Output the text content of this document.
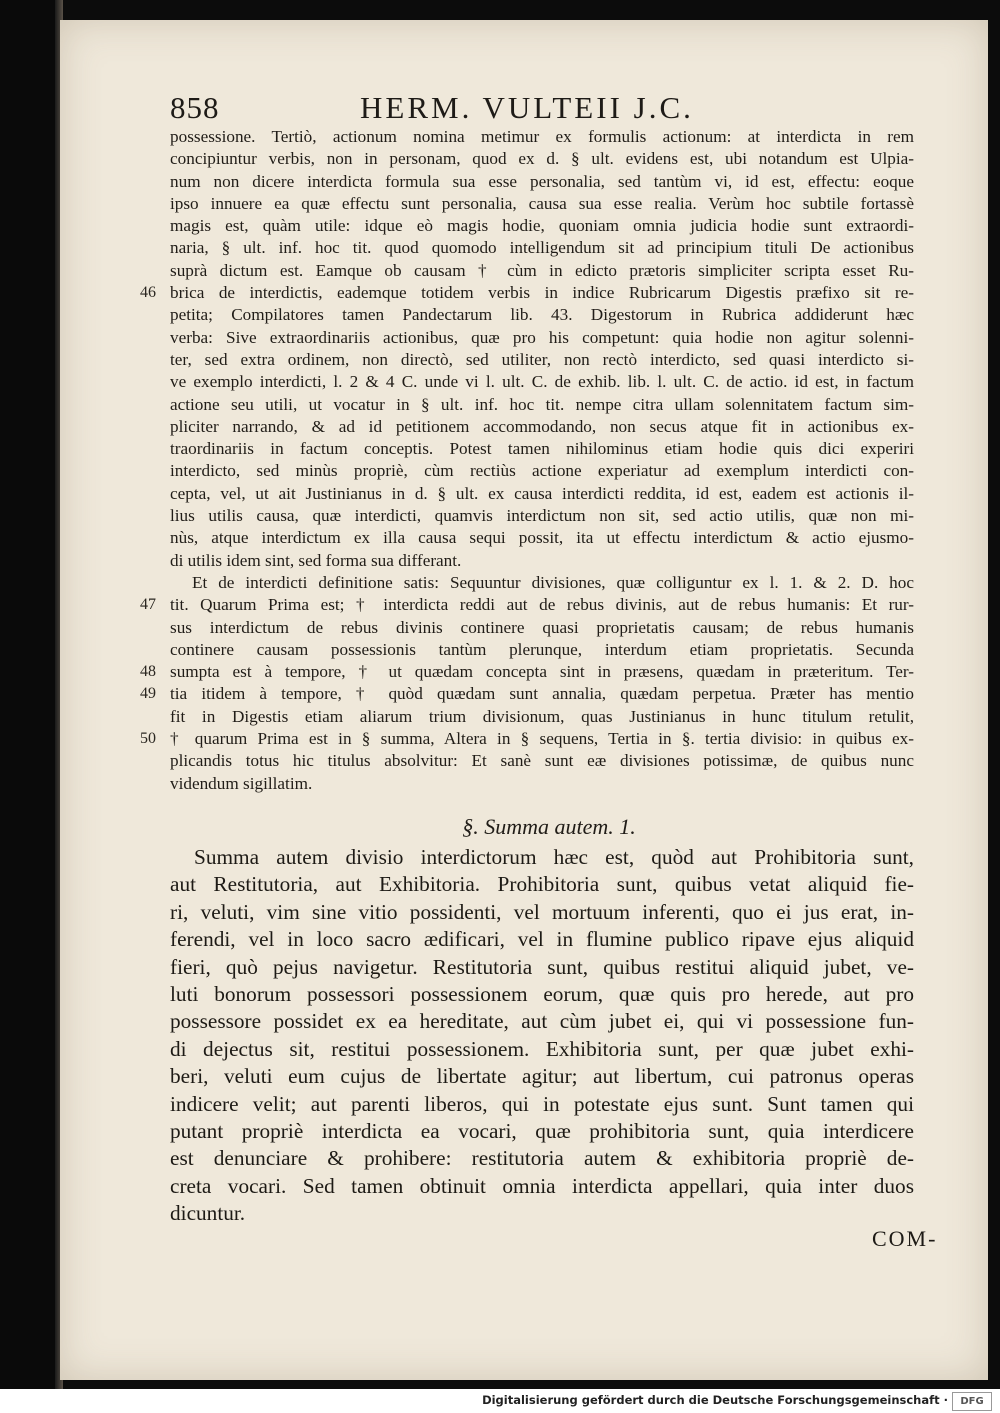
858	HERM. VULTEII J.C.
possessione. Tertiò, actionum nomina metimur ex formulis actionum: at interdicta in rem
concipiuntur verbis, non in personam, quod ex d. § ult. evidens est, ubi notandum est Ulpia-
num non dicere interdicta formula sua esse personalia, sed tantùm vi, id est, effectu: eoque
ipso innuere ea quæ effectu sunt personalia, causa sua esse realia. Verùm hoc subtile fortassè
magis est, quàm utile: idque eò magis hodie, quoniam omnia judicia hodie sunt extraordi-
naria, § ult. inf. hoc tit. quod quomodo intelligendum sit ad principium tituli De actionibus
suprà dictum est. Eamque ob causam † cùm in edicto prætoris simpliciter scripta esset Ru-
brica de interdictis, eademque totidem verbis in indice Rubricarum Digestis præfixo sit re-
petita; Compilatores tamen Pandectarum lib. 43. Digestorum in Rubrica addiderunt hæc
verba: Sive extraordinariis actionibus, quæ pro his competunt: quia hodie non agitur solenni-
ter, sed extra ordinem, non directò, sed utiliter, non rectò interdicto, sed quasi interdicto si-
ve exemplo interdicti, l. 2 & 4 C. unde vi l. ult. C. de exhib. lib. l. ult. C. de actio. id est, in factum
actione seu utili, ut vocatur in § ult. inf. hoc tit. nempe citra ullam solennitatem factum sim-
pliciter narrando, & ad id petitionem accommodando, non secus atque fit in actionibus ex-
traordinariis in factum conceptis. Potest tamen nihilominus etiam hodie quis dici experiri
interdicto, sed minùs propriè, cùm rectiùs actione experiatur ad exemplum interdicti con-
cepta, vel, ut ait Justinianus in d. § ult. ex causa interdicti reddita, id est, eadem est actionis il-
lius utilis causa, quæ interdicti, quamvis interdictum non sit, sed actio utilis, quæ non mi-
nùs, atque interdictum ex illa causa sequi possit, ita ut effectu interdictum & actio ejusmo-
di utilis idem sint, sed forma sua differant.
Et de interdicti definitione satis: Sequuntur divisiones, quæ colliguntur ex l. 1. & 2. D. hoc
tit. Quarum Prima est; † interdicta reddi aut de rebus divinis, aut de rebus humanis: Et rur-
sus interdictum de rebus divinis continere quasi proprietatis causam; de rebus humanis
continere causam possessionis tantùm plerunque, interdum etiam proprietatis. Secunda
sumpta est à tempore, † ut quædam concepta sint in præsens, quædam in præteritum. Ter-
tia itidem à tempore, † quòd quædam sunt annalia, quædam perpetua. Præter has mentio
fit in Digestis etiam aliarum trium divisionum, quas Justinianus in hunc titulum retulit,
† quarum Prima est in § summa, Altera in § sequens, Tertia in §. tertia divisio: in quibus ex-
plicandis totus hic titulus absolvitur: Et sanè sunt eæ divisiones potissimæ, de quibus nunc
videndum sigillatim.
46
47
48
49
50
§. Summa autem. 1.
Summa autem divisio interdictorum hæc est, quòd aut Prohibitoria sunt,
aut Restitutoria, aut Exhibitoria. Prohibitoria sunt, quibus vetat aliquid fie-
ri, veluti, vim sine vitio possidenti, vel mortuum inferenti, quo ei jus erat, in-
ferendi, vel in loco sacro ædificari, vel in flumine publico ripave ejus aliquid
fieri, quò pejus navigetur. Restitutoria sunt, quibus restitui aliquid jubet, ve-
luti bonorum possessori possessionem eorum, quæ quis pro herede, aut pro
possessore possidet ex ea hereditate, aut cùm jubet ei, qui vi possessione fun-
di dejectus sit, restitui possessionem. Exhibitoria sunt, per quæ jubet exhi-
beri, veluti eum cujus de libertate agitur; aut libertum, cui patronus operas
indicere velit; aut parenti liberos, qui in potestate ejus sunt. Sunt tamen qui
putant propriè interdicta ea vocari, quæ prohibitoria sunt, quia interdicere
est denunciare & prohibere: restitutoria autem & exhibitoria propriè de-
creta vocari. Sed tamen obtinuit omnia interdicta appellari, quia inter duos
dicuntur.
COM-
Digitalisierung gefördert durch die Deutsche Forschungsgemeinschaft ·	DFG
